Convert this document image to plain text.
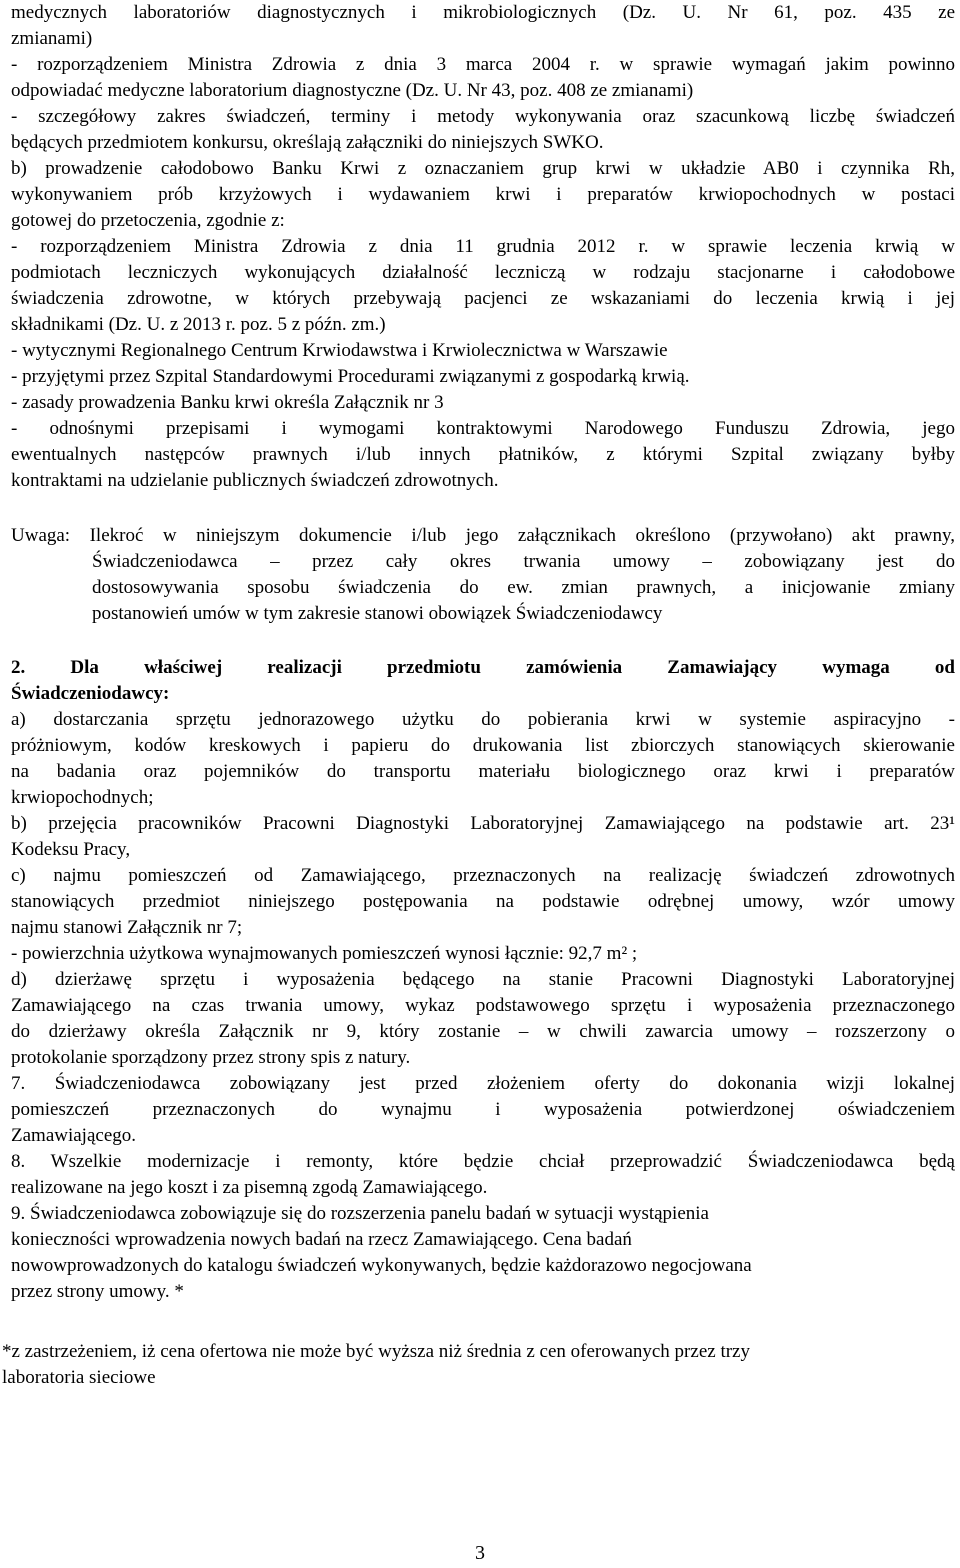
medycznych laboratoriów diagnostycznych i mikrobiologicznych (Dz. U. Nr 61, poz. 435 ze
zmianami)
- rozporządzeniem Ministra Zdrowia z dnia 3 marca 2004 r. w sprawie wymagań jakim powinno
odpowiadać medyczne laboratorium diagnostyczne (Dz. U. Nr 43, poz. 408 ze zmianami)
- szczegółowy zakres świadczeń, terminy i metody wykonywania oraz szacunkową liczbę świadczeń
będących przedmiotem konkursu, określają załączniki do niniejszych SWKO.
b) prowadzenie całodobowo Banku Krwi z oznaczaniem grup krwi w układzie AB0 i czynnika Rh,
wykonywaniem prób krzyżowych i wydawaniem krwi i preparatów krwiopochodnych w postaci
gotowej do przetoczenia, zgodnie z:
- rozporządzeniem Ministra Zdrowia z dnia 11 grudnia 2012 r. w sprawie leczenia krwią w
podmiotach leczniczych wykonujących działalność leczniczą w rodzaju stacjonarne i całodobowe
świadczenia zdrowotne, w których przebywają pacjenci ze wskazaniami do leczenia krwią i jej
składnikami (Dz. U. z 2013 r. poz. 5 z późn. zm.)
- wytycznymi Regionalnego Centrum Krwiodawstwa i Krwiolecznictwa w Warszawie
- przyjętymi przez Szpital Standardowymi Procedurami związanymi z gospodarką krwią.
- zasady prowadzenia Banku krwi określa Załącznik nr 3
- odnośnymi przepisami i wymogami kontraktowymi Narodowego Funduszu Zdrowia, jego
ewentualnych następców prawnych i/lub innych płatników, z którymi Szpital związany byłby
kontraktami na udzielanie publicznych świadczeń zdrowotnych.
Uwaga: Ilekroć w niniejszym dokumencie i/lub jego załącznikach określono (przywołano) akt prawny,
Świadczeniodawca – przez cały okres trwania umowy – zobowiązany jest do
dostosowywania sposobu świadczenia do ew. zmian prawnych, a inicjowanie zmiany
postanowień umów w tym zakresie stanowi obowiązek Świadczeniodawcy
2. Dla właściwej realizacji przedmiotu zamówienia Zamawiający wymaga od
Świadczeniodawcy:
a) dostarczania sprzętu jednorazowego użytku do pobierania krwi w systemie aspiracyjno -
próżniowym, kodów kreskowych i papieru do drukowania list zbiorczych stanowiących skierowanie
na badania oraz pojemników do transportu materiału biologicznego oraz krwi i preparatów
krwiopochodnych;
b) przejęcia pracowników Pracowni Diagnostyki Laboratoryjnej Zamawiającego na podstawie art. 23¹
Kodeksu Pracy,
c) najmu pomieszczeń od Zamawiającego, przeznaczonych na realizację świadczeń zdrowotnych
stanowiących przedmiot niniejszego postępowania na podstawie odrębnej umowy, wzór umowy
najmu stanowi Załącznik nr 7;
- powierzchnia użytkowa wynajmowanych pomieszczeń wynosi łącznie: 92,7 m² ;
d) dzierżawę sprzętu i wyposażenia będącego na stanie Pracowni Diagnostyki Laboratoryjnej
Zamawiającego na czas trwania umowy, wykaz podstawowego sprzętu i wyposażenia przeznaczonego
do dzierżawy określa Załącznik nr 9, który zostanie – w chwili zawarcia umowy – rozszerzony o
protokolanie sporządzony przez strony spis z natury.
7. Świadczeniodawca zobowiązany jest przed złożeniem oferty do dokonania wizji lokalnej
pomieszczeń przeznaczonych do wynajmu i wyposażenia potwierdzonej oświadczeniem
Zamawiającego.
8. Wszelkie modernizacje i remonty, które będzie chciał przeprowadzić Świadczeniodawca będą
realizowane na jego koszt i za pisemną zgodą Zamawiającego.
9. Świadczeniodawca zobowiązuje się do rozszerzenia panelu badań w sytuacji wystąpienia
konieczności wprowadzenia nowych badań na rzecz Zamawiającego. Cena badań
nowowprowadzonych do katalogu świadczeń wykonywanych, będzie każdorazowo negocjowana
przez strony umowy. *
*z zastrzeżeniem, iż cena ofertowa nie może być wyższa niż średnia z cen oferowanych przez trzy
laboratoria sieciowe
3
